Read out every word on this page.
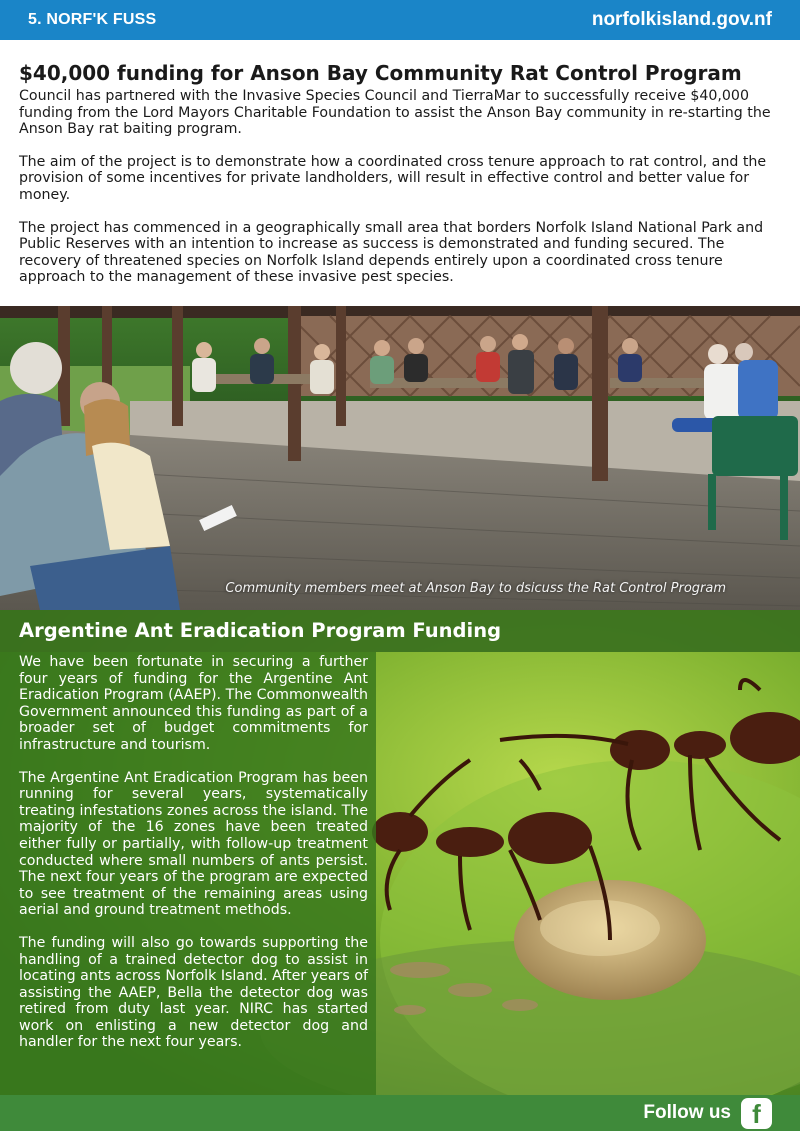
5. NORF'K FUSS	norfolkisland.gov.nf
$40,000 funding for Anson Bay Community Rat Control Program

Council has partnered with the Invasive Species Council and TierraMar to successfully receive $40,000 funding from the Lord Mayors Charitable Foundation to assist the Anson Bay community in re-starting the Anson Bay rat baiting program.

The aim of the project is to demonstrate how a coordinated cross tenure approach to rat control, and the provision of some incentives for private landholders, will result in effective control and better value for money.

The project has commenced in a geographically small area that borders Norfolk Island National Park and Public Reserves with an intention to increase as success is demonstrated and funding secured. The recovery of threatened species on Norfolk Island depends entirely upon a coordinated cross tenure approach to the management of these invasive pest species.

Community members meet at Anson Bay to dsicuss the Rat Control Program
Argentine Ant Eradication Program Funding

We have been fortunate in securing a further four years of funding for the Argentine Ant Eradication Program (AAEP). The Commonwealth Government announced this funding as part of a broader set of budget commitments for infrastructure and tourism.

The Argentine Ant Eradication Program has been running for several years, systematically treating infestations zones across the island. The majority of the 16 zones have been treated either fully or partially, with follow-up treatment conducted where small numbers of ants persist. The next four years of the program are expected to see treatment of the remaining areas using aerial and ground treatment methods.

The funding will also go towards supporting the handling of a trained detector dog to assist in locating ants across Norfolk Island. After years of assisting the AAEP, Bella the detector dog was retired from duty last year. NIRC has started work on enlisting a new detector dog and handler for the next four years.

Follow us f
